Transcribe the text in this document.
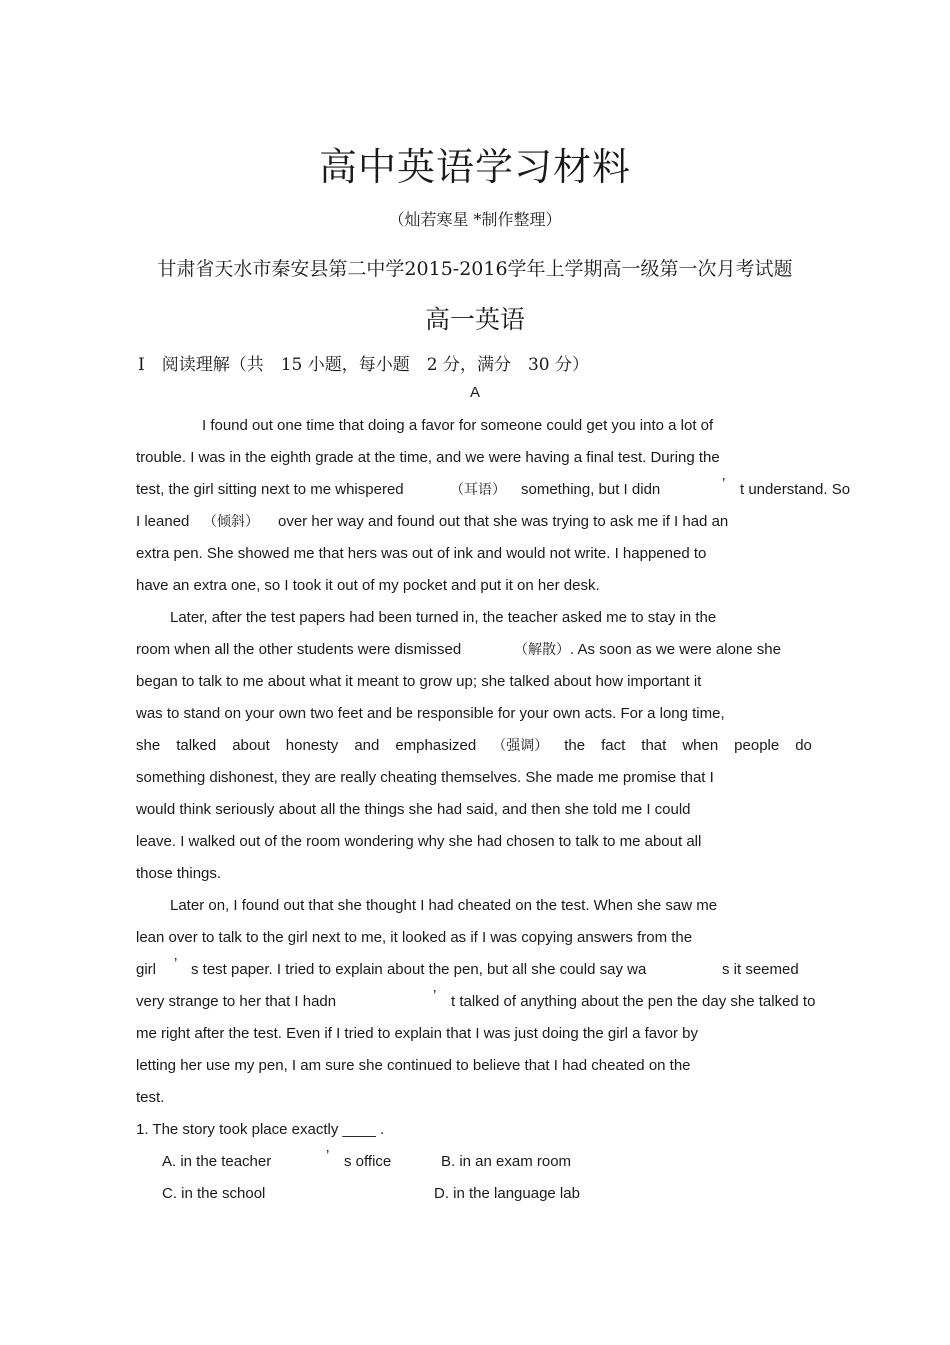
高中英语学习材料
（灿若寒星 *制作整理）
甘肃省天水市秦安县第二中学2015-2016学年上学期高一级第一次月考试题
高一英语
Ⅰ　阅读理解（共　15 小题，每小题　2 分，满分　30 分）
A
I found out one time that doing a favor for someone could get you into a lot of
trouble. I was in the eighth grade at the time, and we were having a final test. During the
test, the girl sitting next to me whispered	（耳语） something, but I didn	’ t understand. So
I leaned （倾斜） over her way and found out that she was trying to ask me if I had an
extra pen. She showed me that hers was out of ink and would not write. I happened to
have an extra one, so I took it out of my pocket and put it on her desk.
Later, after the test papers had been turned in, the teacher asked me to stay in the
room when all the other students were dismissed	（解散） . As soon as we were alone she
began to talk to me about what it meant to grow up; she talked about how important it
was to stand on your own two feet and be responsible for your own acts. For a long time,
she talked about honesty and emphasized （强调） the fact that when people do
something dishonest, they are really cheating themselves. She made me promise that I
would think seriously about all the things she had said, and then she told me I could
leave. I walked out of the room wondering why she had chosen to talk to me about all
those things.
Later on, I found out that she thought I had cheated on the test. When she saw me
lean over to talk to the girl next to me, it looked as if I was copying answers from the
girl ’ s test paper. I tried to explain about the pen, but all she could say wa	s it seemed
very strange to her that I hadn	’ t talked of anything about the pen the day she talked to
me right after the test. Even if I tried to explain that I was just doing the girl a favor by
letting her use my pen, I am sure she continued to believe that I had cheated on the
test.
1. The story took place exactly ____ .
A. in the teacher	’ s office	B. in an exam room
C. in the school	D. in the language lab
